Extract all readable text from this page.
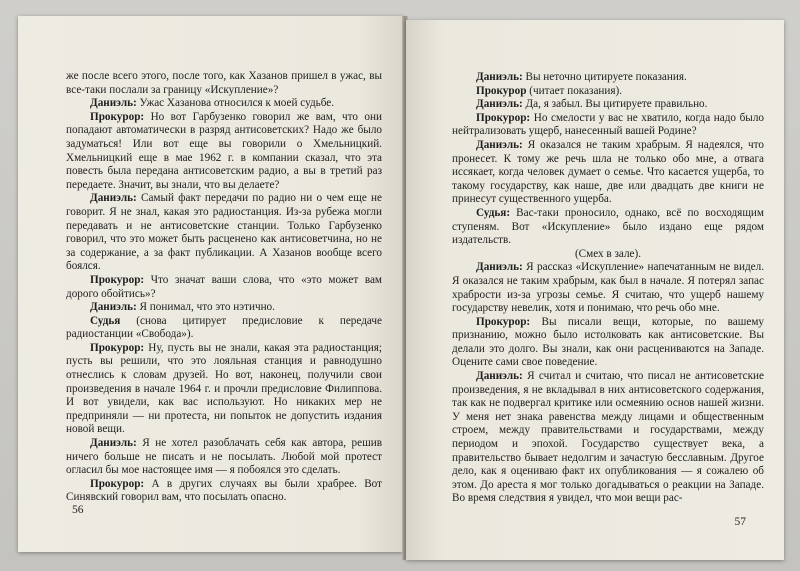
же после всего этого, после того, как Хазанов пришел в ужас, вы все-таки послали за границу «Искупление»?

Даниэль: Ужас Хазанова относился к моей судьбе.

Прокурор: Но вот Гарбузенко говорил же вам, что они попадают автоматически в разряд антисоветских? Надо же было задуматься! Или вот еще вы говорили о Хмельницкий. Хмельницкий еще в мае 1962 г. в компании сказал, что эта повесть была передана антисоветским радио, а вы в третий раз передаете. Значит, вы знали, что вы делаете?

Даниэль: Самый факт передачи по радио ни о чем еще не говорит. Я не знал, какая это радиостанция. Из-за рубежа могли передавать и не антисоветские станции. Только Гарбузенко говорил, что это может быть расценено как антисоветчина, но не за содержание, а за факт публикации. А Хазанов вообще всего боялся.

Прокурор: Что значат ваши слова, что «это может вам дорого обойтись»?

Даниэль: Я понимал, что это нэтично.

Судья (снова цитирует предисловие к передаче радиостанции «Свобода»).

Прокурор: Ну, пусть вы не знали, какая эта радиостанция; пусть вы решили, что это лояльная станция и равнодушно отнеслись к словам друзей. Но вот, наконец, получили свои произведения в начале 1964 г. и прочли предисловие Филиппова. И вот увидели, как вас используют. Но никаких мер не предприняли — ни протеста, ни попыток не допустить издания новой вещи.

Даниэль: Я не хотел разоблачать себя как автора, решив ничего больше не писать и не посылать. Любой мой протест огласил бы мое настоящее имя — я побоялся это сделать.

Прокурор: А в других случаях вы были храбрее. Вот Синявский говорил вам, что посылать опасно.

56

Даниэль: Вы неточно цитируете показания.

Прокурор (читает показания).

Даниэль: Да, я забыл. Вы цитируете правильно.

Прокурор: Но смелости у вас не хватило, когда надо было нейтрализовать ущерб, нанесенный вашей Родине?

Даниэль: Я оказался не таким храбрым. Я надеялся, что пронесет. К тому же речь шла не только обо мне, а отвага иссякает, когда человек думает о семье. Что касается ущерба, то такому государству, как наше, две или двадцать две книги не принесут существенного ущерба.

Судья: Вас-таки проносило, однако, всё по восходящим ступеням. Вот «Искупление» было издано еще рядом издательств.

(Смех в зале).

Даниэль: Я рассказ «Искупление» напечатанным не видел. Я оказался не таким храбрым, как был в начале. Я потерял запас храбрости из-за угрозы семье. Я считаю, что ущерб нашему государству невелик, хотя и понимаю, что речь обо мне.

Прокурор: Вы писали вещи, которые, по вашему признанию, можно было истолковать как антисоветские. Вы делали это долго. Вы знали, как они расцениваются на Западе. Оцените сами свое поведение.

Даниэль: Я считал и считаю, что писал не антисоветские произведения, я не вкладывал в них антисоветского содержания, так как не подвергал критике или осмеянию основ нашей жизни. У меня нет знака равенства между лицами и общественным строем, между правительствами и государствами, между периодом и эпохой. Государство существует века, а правительство бывает недолгим и зачастую бесславным. Другое дело, как я оцениваю факт их опубликования — я сожалею об этом. До ареста я мог только догадываться о реакции на Западе. Во время следствия я увидел, что мои вещи рас-

57
